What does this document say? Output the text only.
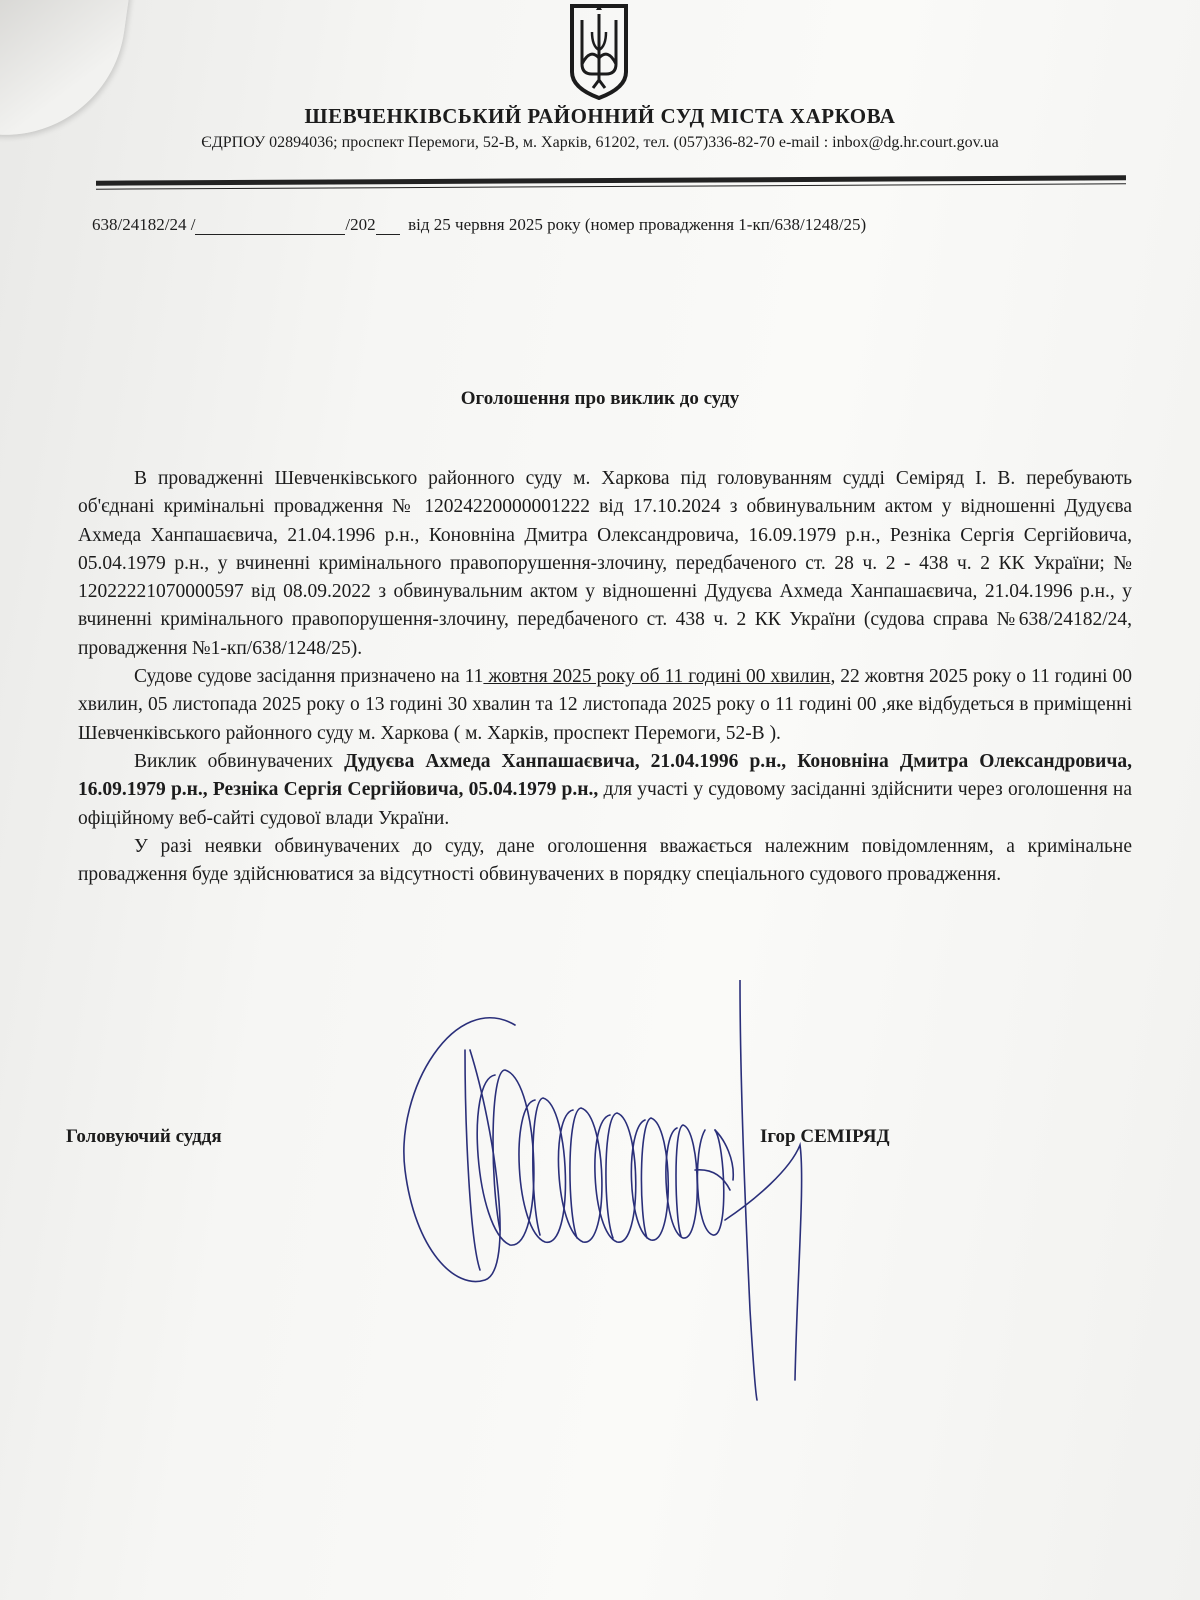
ШЕВЧЕНКІВСЬКИЙ РАЙОННИЙ СУД МІСТА ХАРКОВА
ЄДРПОУ 02894036; проспект Перемоги, 52-В, м. Харків, 61202, тел. (057)336-82-70 e-mail : inbox@dg.hr.court.gov.ua
638/24182/24 /	/202 від 25 червня 2025 року (номер провадження 1-кп/638/1248/25)
Оголошення про виклик до суду

В провадженні Шевченківського районного суду м. Харкова під головуванням судді Семіряд І. В. перебувають об'єднані кримінальні провадження № 12024220000001222 від 17.10.2024 з обвинувальним актом у відношенні Дудуєва Ахмеда Ханпашаєвича, 21.04.1996 р.н., Коновніна Дмитра Олександровича, 16.09.1979 р.н., Резніка Сергія Сергійовича, 05.04.1979 р.н., у вчиненні кримінального правопорушення-злочину, передбаченого ст. 28 ч. 2 - 438 ч. 2 КК України; № 12022221070000597 від 08.09.2022 з обвинувальним актом у відношенні Дудуєва Ахмеда Ханпашаєвича, 21.04.1996 р.н., у вчиненні кримінального правопорушення-злочину, передбаченого ст. 438 ч. 2 КК України (судова справа №638/24182/24, провадження №1-кп/638/1248/25).

Судове судове засідання призначено на 11 жовтня 2025 року об 11 годині 00 хвилин, 22 жовтня 2025 року о 11 годині 00 хвилин, 05 листопада 2025 року о 13 годині 30 хвалин та 12 листопада 2025 року о 11 годині 00 ,яке відбудеться в приміщенні Шевченківського районного суду м. Харкова ( м. Харків, проспект Перемоги, 52-В ).

Виклик обвинувачених Дудуєва Ахмеда Ханпашаєвича, 21.04.1996 р.н., Коновніна Дмитра Олександровича, 16.09.1979 р.н., Резніка Сергія Сергійовича, 05.04.1979 р.н., для участі у судовому засіданні здійснити через оголошення на офіційному веб-сайті судової влади України.

У разі неявки обвинувачених до суду, дане оголошення вважається належним повідомленням, а кримінальне провадження буде здійснюватися за відсутності обвинувачених в порядку спеціального судового провадження.

Головуючий суддя	Ігор СЕМІРЯД
